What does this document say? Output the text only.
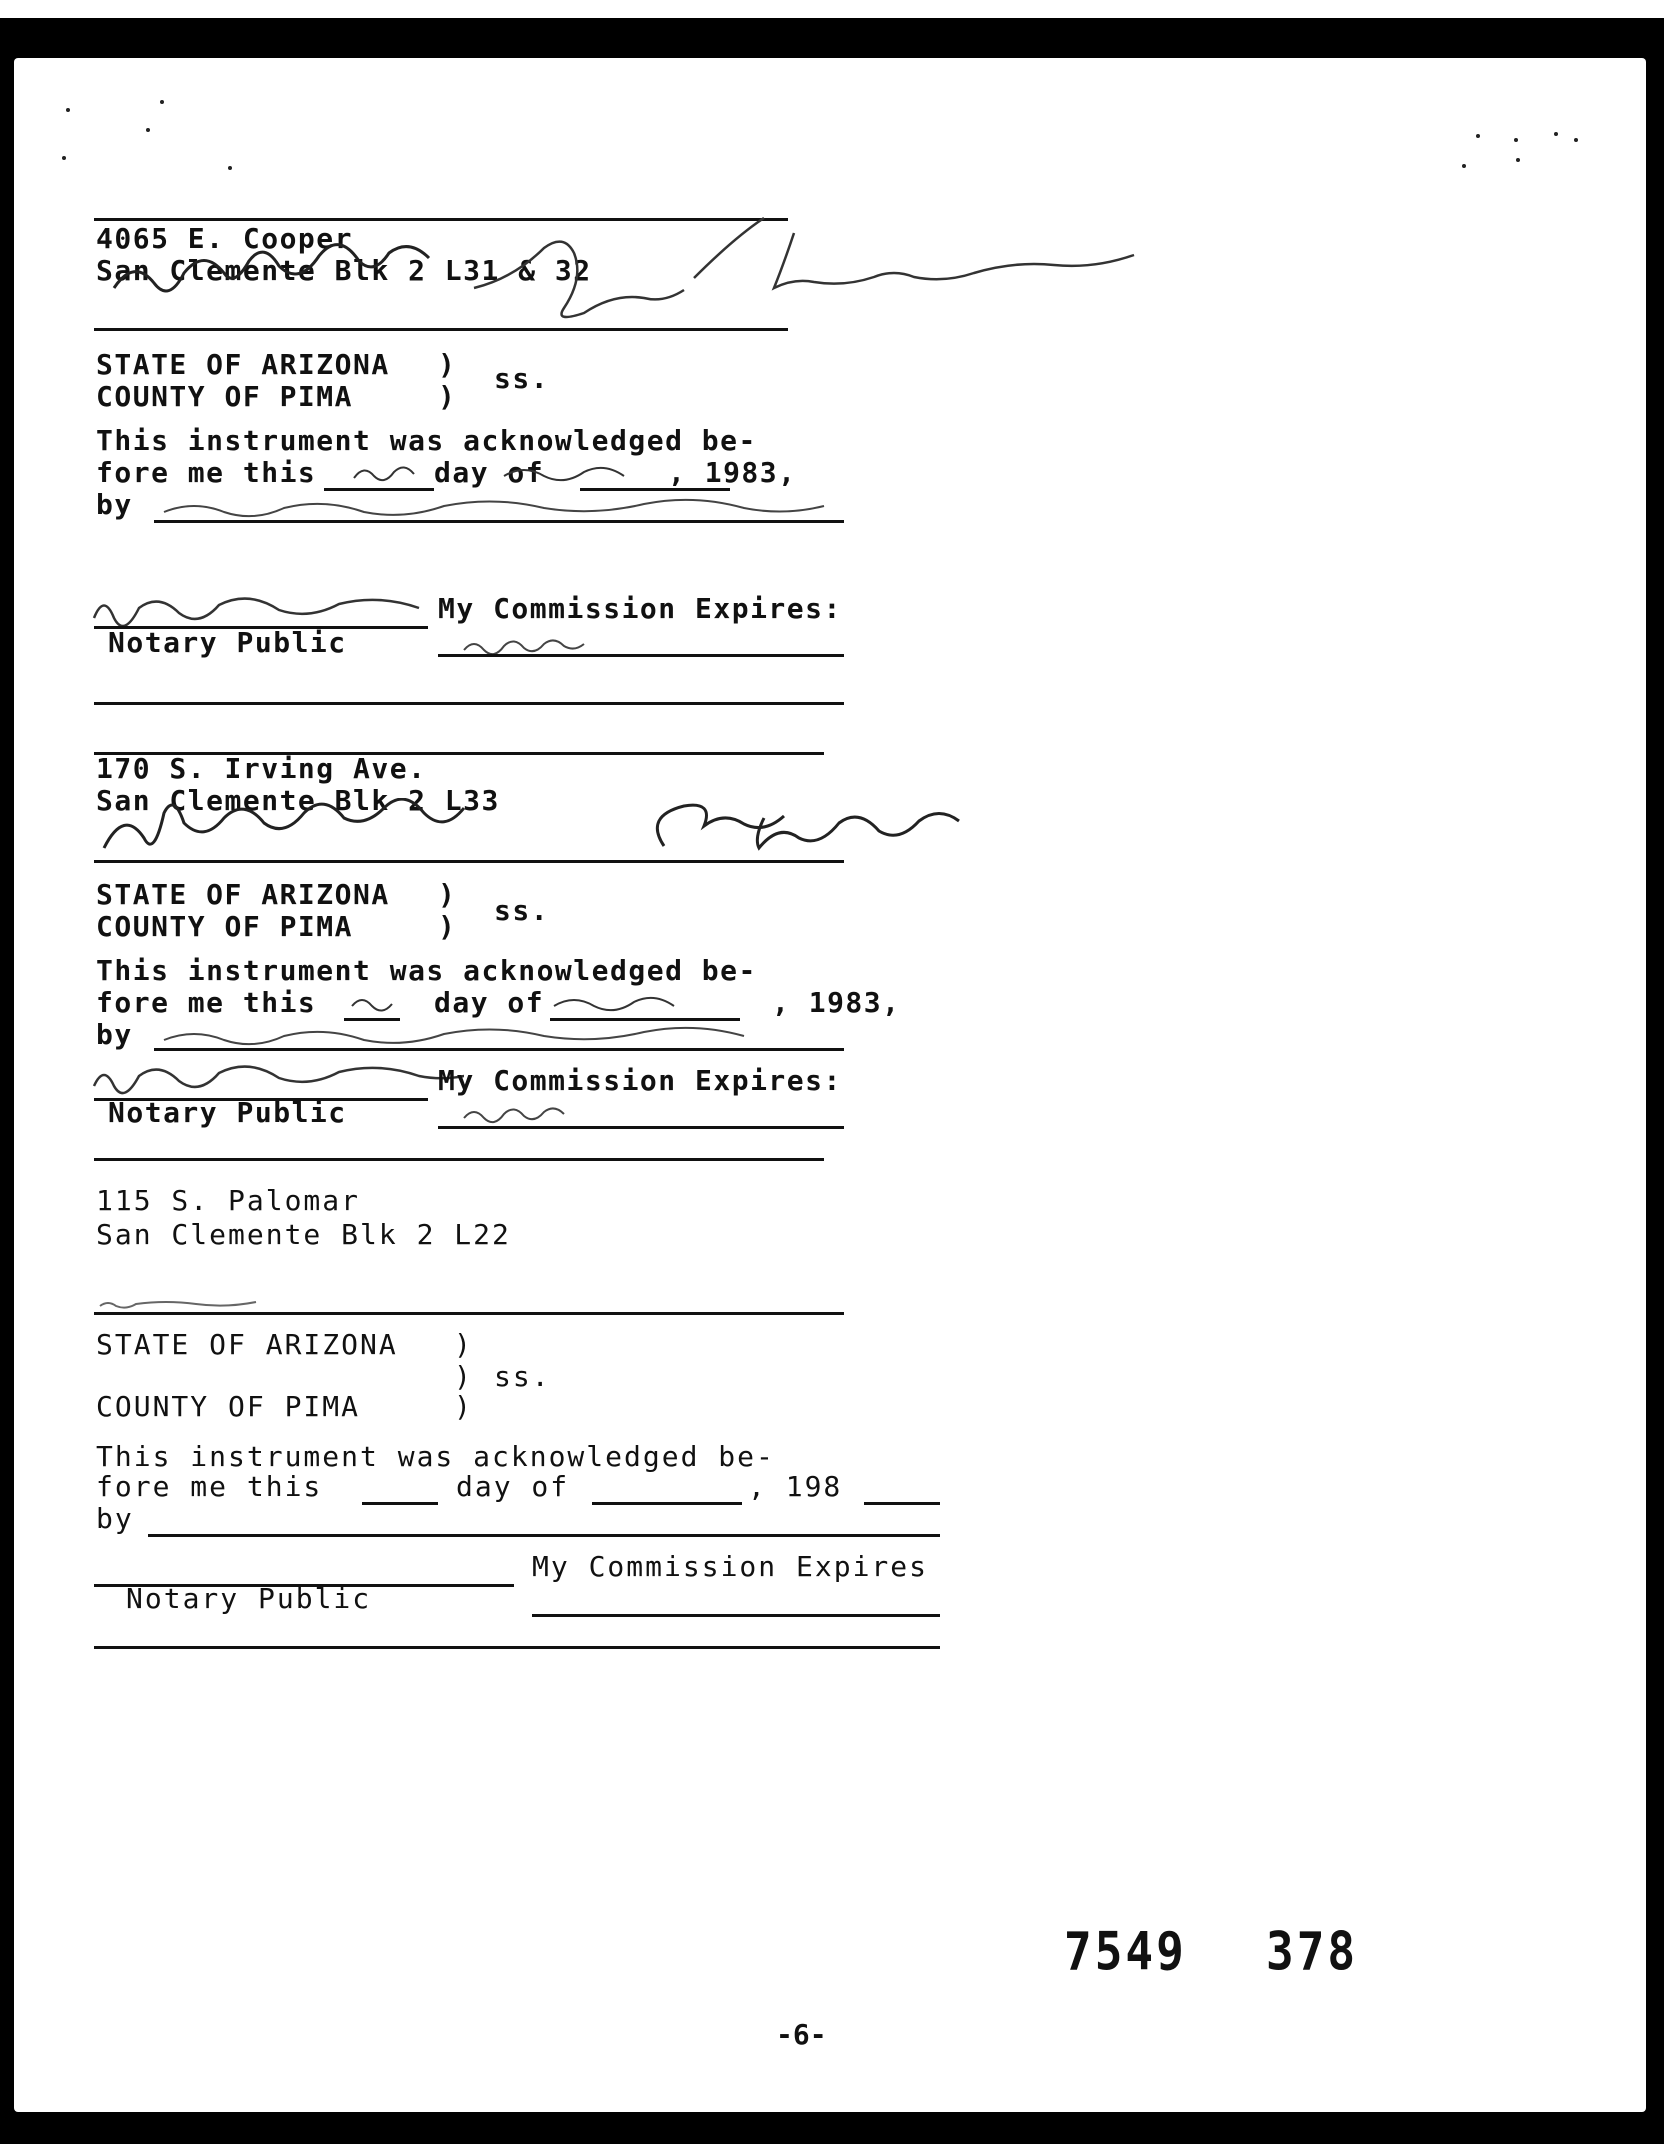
4065 E. Cooper
San Clemente Blk 2 L31 & 32
STATE OF ARIZONA )
COUNTY OF PIMA	)
ss.
This instrument was acknowledged be-
fore me this	day of	, 1983,
by
My Commission Expires:
Notary Public
170 S. Irving Ave.
San Clemente Blk 2 L33
STATE OF ARIZONA )
COUNTY OF PIMA	) ss.
This instrument was acknowledged be-
fore me this	day of	, 1983,
by
My Commission Expires:
Notary Public
115 S. Palomar
San Clemente Blk 2 L22
STATE OF ARIZONA )
) ss.
COUNTY OF PIMA	)
This instrument was acknowledged be-
fore me this	day of	, 198
by
My Commission Expires
Notary Public
7549 378
-6-
